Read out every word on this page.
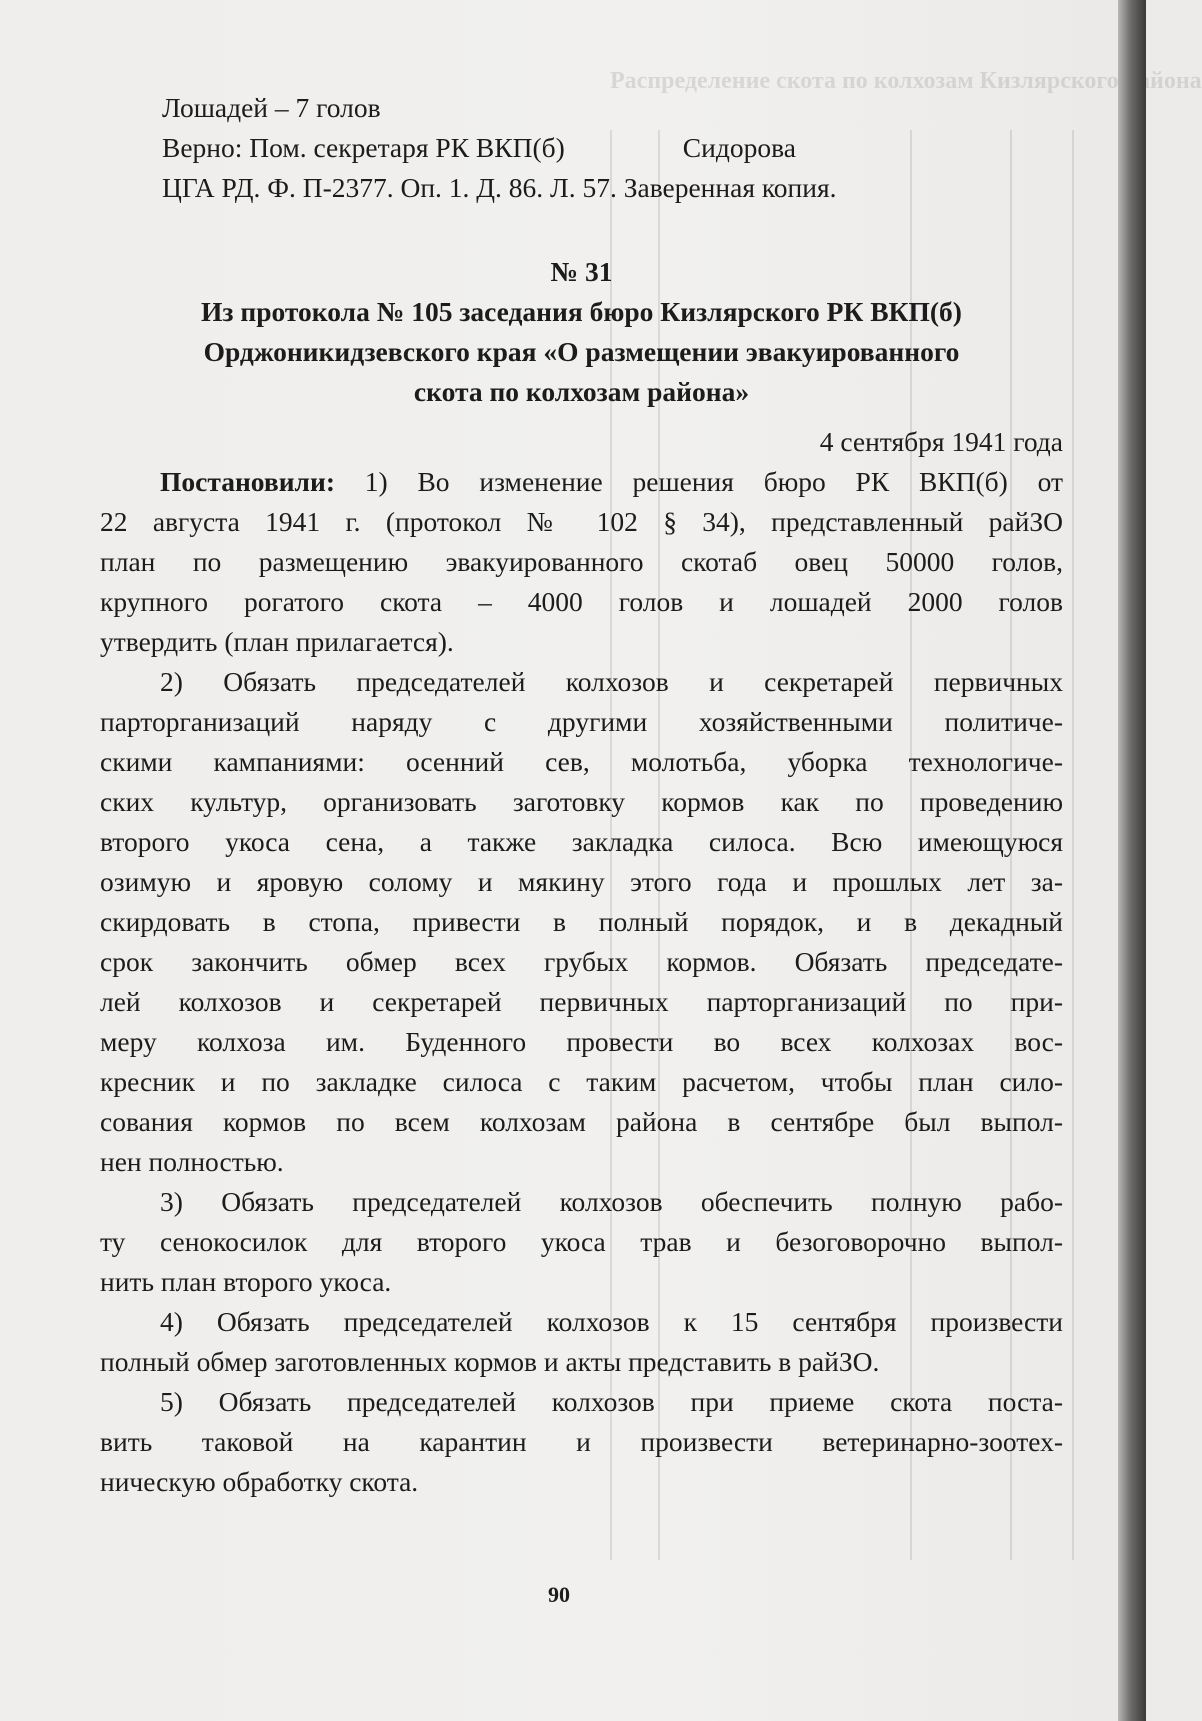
Распределение скота по колхозам Кизлярского района
Лошадей – 7 голов
Верно: Пом. секретаря РК ВКП(б)	Сидорова
ЦГА РД. Ф. П-2377. Оп. 1. Д. 86. Л. 57. Заверенная копия.
№ 31
Из протокола № 105 заседания бюро Кизлярского РК ВКП(б)
Орджоникидзевского края «О размещении эвакуированного
скота по колхозам района»
4 сентября 1941 года
Постановили: 1) Во изменение решения бюро РК ВКП(б) от
22 августа 1941 г. (протокол № 102 § 34), представленный райЗО
план по размещению эвакуированного скотаб овец 50000 голов,
крупного рогатого скота – 4000 голов и лошадей 2000 голов
утвердить (план прилагается).
2) Обязать председателей колхозов и секретарей первичных
парторганизаций наряду с другими хозяйственными политиче-
скими кампаниями: осенний сев, молотьба, уборка технологиче-
ских культур, организовать заготовку кормов как по проведению
второго укоса сена, а также закладка силоса. Всю имеющуюся
озимую и яровую солому и мякину этого года и прошлых лет за-
скирдовать в стопа, привести в полный порядок, и в декадный
срок закончить обмер всех грубых кормов. Обязать председате-
лей колхозов и секретарей первичных парторганизаций по при-
меру колхоза им. Буденного провести во всех колхозах вос-
кресник и по закладке силоса с таким расчетом, чтобы план сило-
сования кормов по всем колхозам района в сентябре был выпол-
нен полностью.
3) Обязать председателей колхозов обеспечить полную рабо-
ту сенокосилок для второго укоса трав и безоговорочно выпол-
нить план второго укоса.
4) Обязать председателей колхозов к 15 сентября произвести
полный обмер заготовленных кормов и акты представить в райЗО.
5) Обязать председателей колхозов при приеме скота поста-
вить таковой на карантин и произвести ветеринарно-зоотех-
ническую обработку скота.
90
